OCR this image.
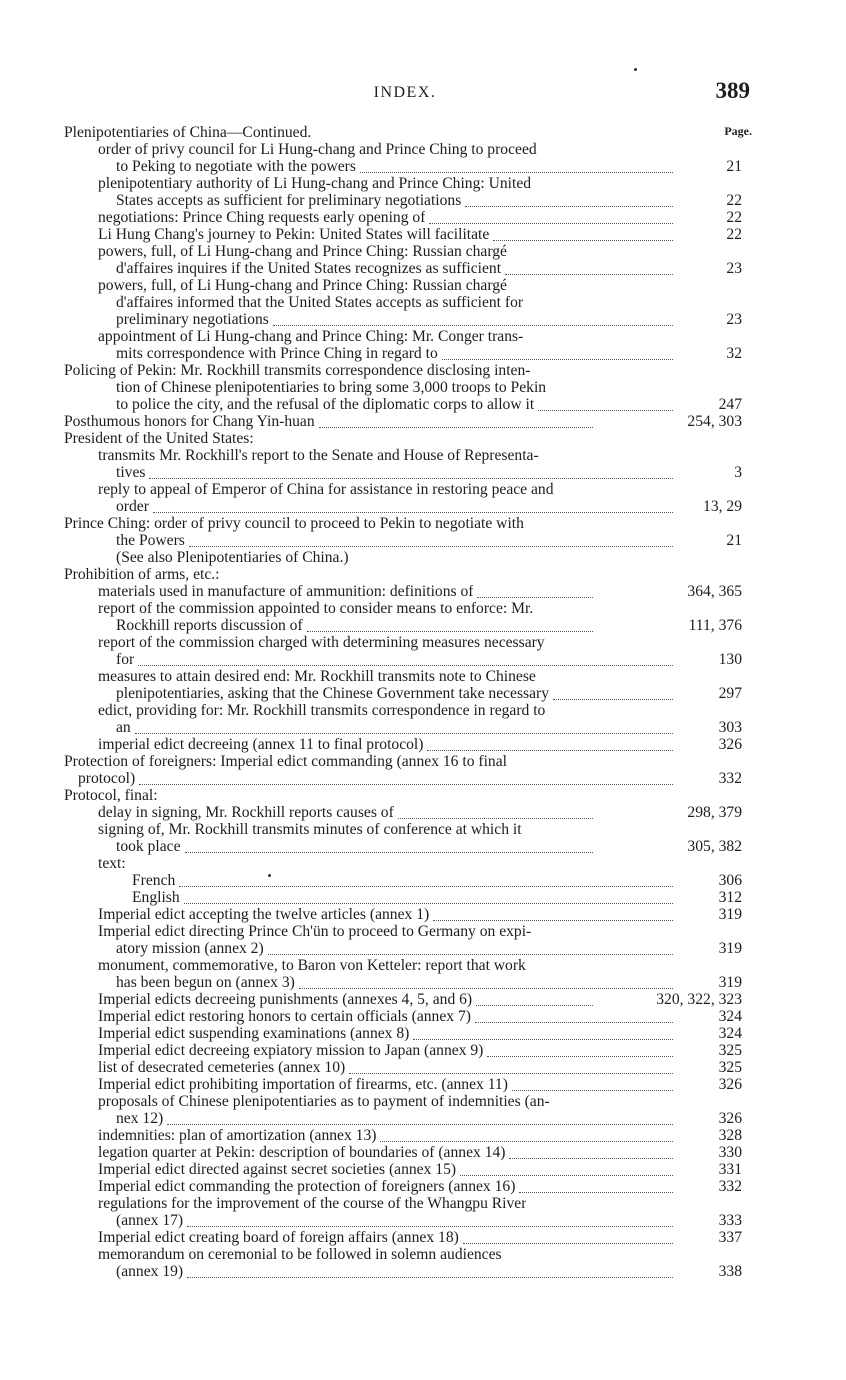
INDEX.	389
Page.
Plenipotentiaries of China—Continued.
order of privy council for Li Hung-chang and Prince Ching to proceed
to Peking to negotiate with the powers	21
plenipotentiary authority of Li Hung-chang and Prince Ching: United
States accepts as sufficient for preliminary negotiations	22
negotiations: Prince Ching requests early opening of	22
Li Hung Chang's journey to Pekin: United States will facilitate	22
powers, full, of Li Hung-chang and Prince Ching: Russian chargé
d'affaires inquires if the United States recognizes as sufficient	23
powers, full, of Li Hung-chang and Prince Ching: Russian chargé
d'affaires informed that the United States accepts as sufficient for
preliminary negotiations	23
appointment of Li Hung-chang and Prince Ching: Mr. Conger trans-
mits correspondence with Prince Ching in regard to	32
Policing of Pekin: Mr. Rockhill transmits correspondence disclosing inten-
tion of Chinese plenipotentiaries to bring some 3,000 troops to Pekin
to police the city, and the refusal of the diplomatic corps to allow it	247
Posthumous honors for Chang Yin-huan	254, 303
President of the United States:
transmits Mr. Rockhill's report to the Senate and House of Representa-
tives	3
reply to appeal of Emperor of China for assistance in restoring peace and
order	13, 29
Prince Ching: order of privy council to proceed to Pekin to negotiate with
the Powers	21
(See also Plenipotentiaries of China.)
Prohibition of arms, etc.:
materials used in manufacture of ammunition: definitions of	364, 365
report of the commission appointed to consider means to enforce: Mr.
Rockhill reports discussion of	111, 376
report of the commission charged with determining measures necessary
for	130
measures to attain desired end: Mr. Rockhill transmits note to Chinese
plenipotentiaries, asking that the Chinese Government take necessary	297
edict, providing for: Mr. Rockhill transmits correspondence in regard to
an	303
imperial edict decreeing (annex 11 to final protocol)	326
Protection of foreigners: Imperial edict commanding (annex 16 to final
protocol)	332
Protocol, final:
delay in signing, Mr. Rockhill reports causes of	298, 379
signing of, Mr. Rockhill transmits minutes of conference at which it
took place	305, 382
text:
French	306
English	312
Imperial edict accepting the twelve articles (annex 1)	319
Imperial edict directing Prince Ch'ün to proceed to Germany on expi-
atory mission (annex 2)	319
monument, commemorative, to Baron von Ketteler: report that work
has been begun on (annex 3)	319
Imperial edicts decreeing punishments (annexes 4, 5, and 6)	320, 322, 323
Imperial edict restoring honors to certain officials (annex 7)	324
Imperial edict suspending examinations (annex 8)	324
Imperial edict decreeing expiatory mission to Japan (annex 9)	325
list of desecrated cemeteries (annex 10)	325
Imperial edict prohibiting importation of firearms, etc. (annex 11)	326
proposals of Chinese plenipotentiaries as to payment of indemnities (an-
nex 12)	326
indemnities: plan of amortization (annex 13)	328
legation quarter at Pekin: description of boundaries of (annex 14)	330
Imperial edict directed against secret societies (annex 15)	331
Imperial edict commanding the protection of foreigners (annex 16)	332
regulations for the improvement of the course of the Whangpu River
(annex 17)	333
Imperial edict creating board of foreign affairs (annex 18)	337
memorandum on ceremonial to be followed in solemn audiences
(annex 19)	338
